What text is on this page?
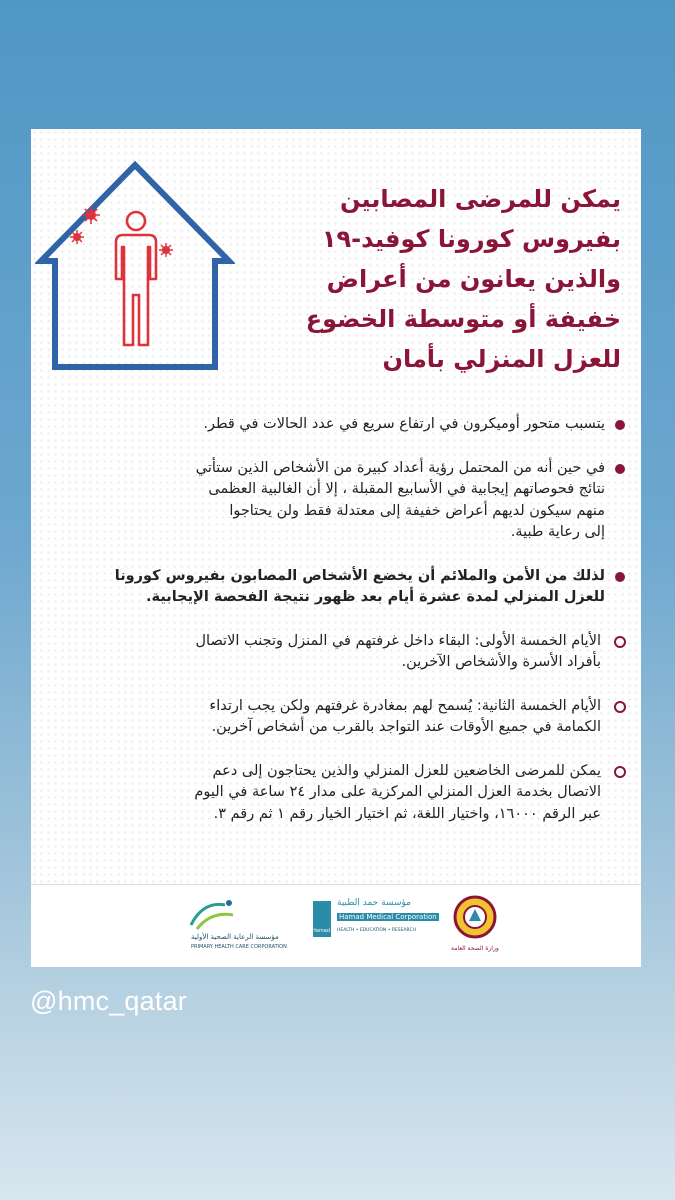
يمكن للمرضى المصابين
بفيروس كورونا كوفيد-١٩
والذين يعانون من أعراض
خفيفة أو متوسطة الخضوع
للعزل المنزلي بأمان
يتسبب متحور أوميكرون في ارتفاع سريع في عدد الحالات في قطر.
في حين أنه من المحتمل رؤية أعداد كبيرة من الأشخاص الذين ستأتي
نتائج فحوصاتهم إيجابية في الأسابيع المقبلة ، إلا أن الغالبية العظمى
منهم سيكون لديهم أعراض خفيفة إلى معتدلة فقط ولن يحتاجوا
إلى رعاية طبية.
لذلك من الأمن والملائم أن يخضع الأشخاص المصابون بفيروس كورونا
للعزل المنزلي لمدة عشرة أيام بعد ظهور نتيجة الفحصة الإيجابية.
الأيام الخمسة الأولى: البقاء داخل غرفتهم في المنزل وتجنب الاتصال
بأفراد الأسرة والأشخاص الآخرين.
الأيام الخمسة الثانية: يُسمح لهم بمغادرة غرفتهم ولكن يجب ارتداء
الكمامة في جميع الأوقات عند التواجد بالقرب من أشخاص آخرين.
يمكن للمرضى الخاضعين للعزل المنزلي والذين يحتاجون إلى دعم
الاتصال بخدمة العزل المنزلي المركزية على مدار ٢٤ ساعة في اليوم
عبر الرقم ١٦٠٠٠، واختيار اللغة، ثم اختيار الخيار رقم ١ ثم رقم ٣.
مؤسسة الرعاية الصحية الأولية
PRIMARY HEALTH CARE CORPORATION
Hamad
مؤسسة حمد الطبية
Hamad Medical Corporation
HEALTH • EDUCATION • RESEARCH
وزارة الصحة العامة
@hmc_qatar
